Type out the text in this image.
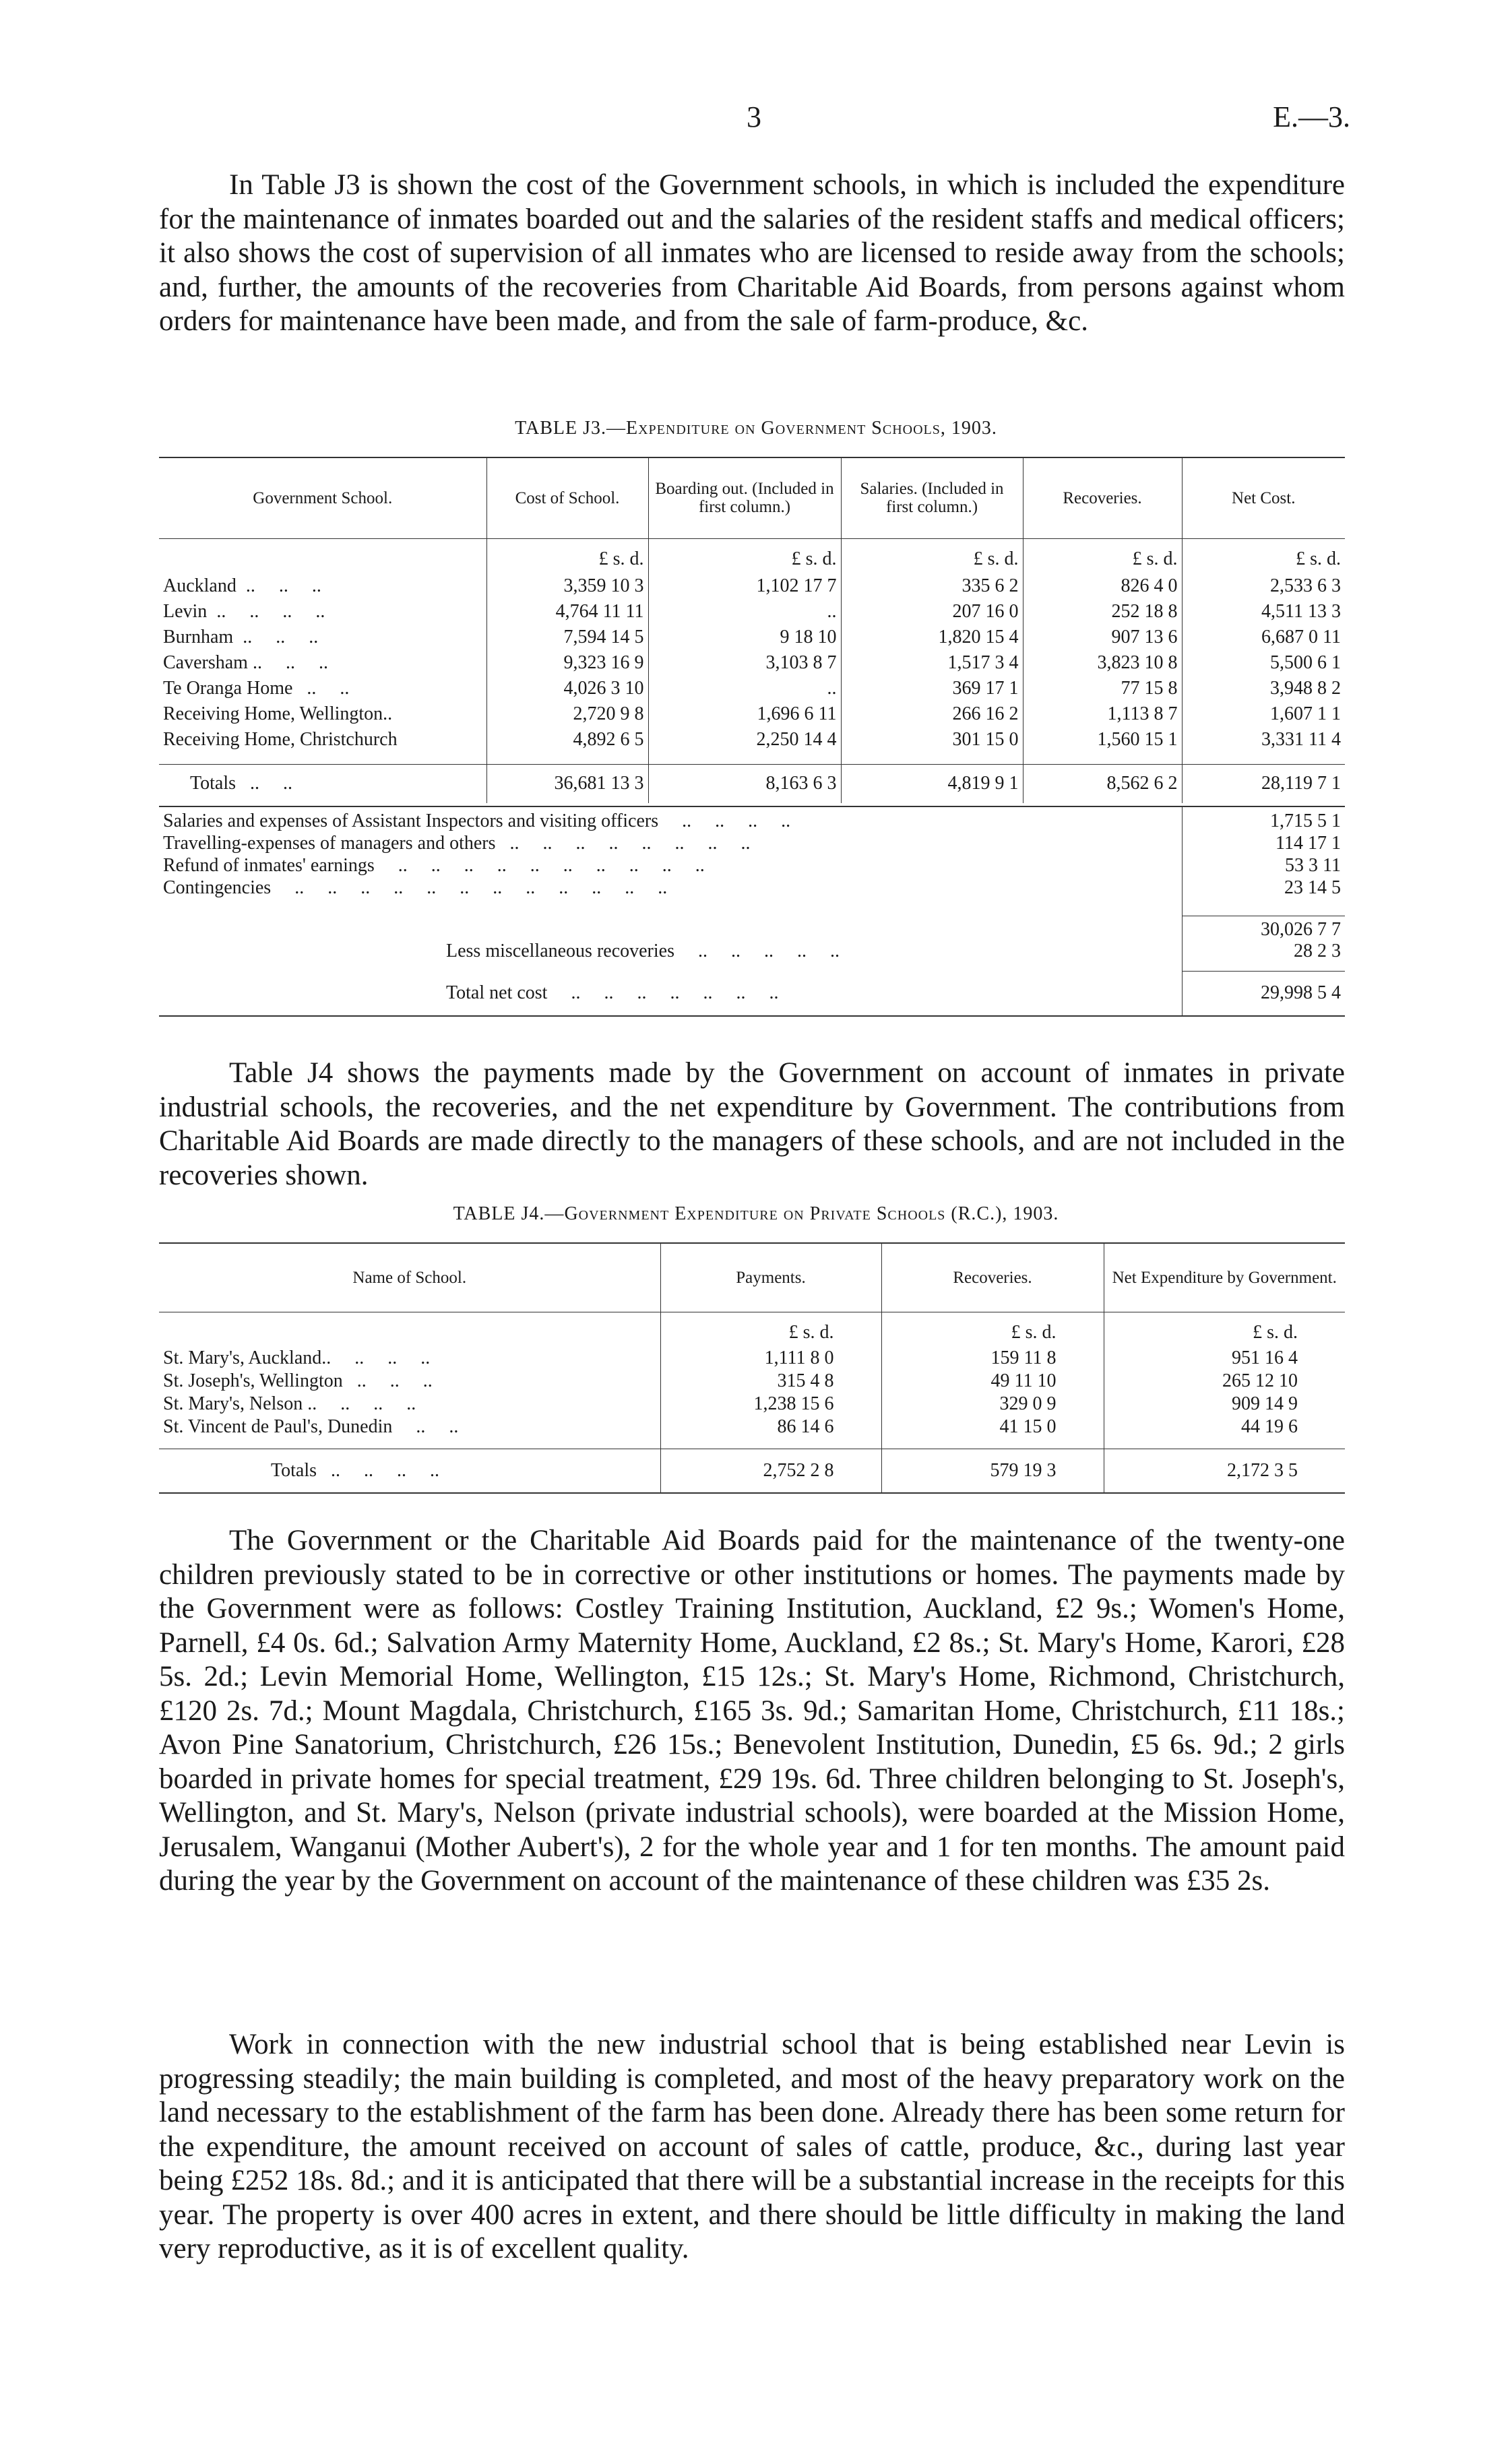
3	E.—3.

In Table J3 is shown the cost of the Government schools, in which is included the expenditure for the maintenance of inmates boarded out and the salaries of the resident staffs and medical officers; it also shows the cost of supervision of all inmates who are licensed to reside away from the schools; and, further, the amounts of the recoveries from Charitable Aid Boards, from persons against whom orders for maintenance have been made, and from the sale of farm-produce, &c.

TABLE J3.—Expenditure on Government Schools, 1903.
Government School.	Cost of School.	Boarding out. (Included in first column.)	Salaries. (Included in first column.)	Recoveries.	Net Cost.

	£ s. d.	£ s. d.	£ s. d.	£ s. d.	£ s. d.
Auckland  ..     ..     ..	3,359 10 3	1,102 17 7	335 6 2	826 4 0	2,533 6 3
Levin  ..     ..     ..     ..	4,764 11 11	..	207 16 0	252 18 8	4,511 13 3
Burnham  ..     ..     ..	7,594 14 5	9 18 10	1,820 15 4	907 13 6	6,687 0 11
Caversham ..     ..     ..	9,323 16 9	3,103 8 7	1,517 3 4	3,823 10 8	5,500 6 1
Te Oranga Home   ..     ..	4,026 3 10	..	369 17 1	77 15 8	3,948 8 2
Receiving Home, Wellington..	2,720 9 8	1,696 6 11	266 16 2	1,113 8 7	1,607 1 1
Receiving Home, Christchurch	4,892 6 5	2,250 14 4	301 15 0	1,560 15 1	3,331 11 4

Totals   ..     ..	36,681 13 3	8,163 6 3	4,819 9 1	8,562 6 2	28,119 7 1

Salaries and expenses of Assistant Inspectors and visiting officers     ..     ..     ..     ..	1,715 5 1
Travelling-expenses of managers and others   ..     ..     ..     ..     ..     ..     ..     ..	114 17 1
Refund of inmates' earnings     ..     ..     ..     ..     ..     ..     ..     ..     ..     ..	53 3 11
Contingencies     ..     ..     ..     ..     ..     ..     ..     ..     ..     ..     ..     ..	23 14 5

	30,026 7 7
Less miscellaneous recoveries     ..     ..     ..     ..     ..	28 2 3
Total net cost     ..     ..     ..     ..     ..     ..     ..	29,998 5 4

Table J4 shows the payments made by the Government on account of inmates in private industrial schools, the recoveries, and the net expenditure by Government. The contributions from Charitable Aid Boards are made directly to the managers of these schools, and are not included in the recoveries shown.

TABLE J4.—Government Expenditure on Private Schools (R.C.), 1903.
Name of School.	Payments.	Recoveries.	Net Expenditure by Government.

	£ s. d.	£ s. d.	£ s. d.
St. Mary's, Auckland..     ..     ..     ..	1,111 8 0	159 11 8	951 16 4
St. Joseph's, Wellington   ..     ..     ..	315 4 8	49 11 10	265 12 10
St. Mary's, Nelson ..     ..     ..     ..	1,238 15 6	329 0 9	909 14 9
St. Vincent de Paul's, Dunedin     ..     ..	86 14 6	41 15 0	44 19 6

Totals   ..     ..     ..     ..	2,752 2 8	579 19 3	2,172 3 5

The Government or the Charitable Aid Boards paid for the maintenance of the twenty-one children previously stated to be in corrective or other institutions or homes. The payments made by the Government were as follows: Costley Training Institution, Auckland, £2 9s.; Women's Home, Parnell, £4 0s. 6d.; Salvation Army Maternity Home, Auckland, £2 8s.; St. Mary's Home, Karori, £28 5s. 2d.; Levin Memorial Home, Wellington, £15 12s.; St. Mary's Home, Richmond, Christchurch, £120 2s. 7d.; Mount Magdala, Christchurch, £165 3s. 9d.; Samaritan Home, Christchurch, £11 18s.; Avon Pine Sanatorium, Christchurch, £26 15s.; Benevolent Institution, Dunedin, £5 6s. 9d.; 2 girls boarded in private homes for special treatment, £29 19s. 6d. Three children belonging to St. Joseph's, Wellington, and St. Mary's, Nelson (private industrial schools), were boarded at the Mission Home, Jerusalem, Wanganui (Mother Aubert's), 2 for the whole year and 1 for ten months. The amount paid during the year by the Government on account of the maintenance of these children was £35 2s.

Work in connection with the new industrial school that is being established near Levin is progressing steadily; the main building is completed, and most of the heavy preparatory work on the land necessary to the establishment of the farm has been done. Already there has been some return for the expenditure, the amount received on account of sales of cattle, produce, &c., during last year being £252 18s. 8d.; and it is anticipated that there will be a substantial increase in the receipts for this year. The property is over 400 acres in extent, and there should be little difficulty in making the land very reproductive, as it is of excellent quality.
